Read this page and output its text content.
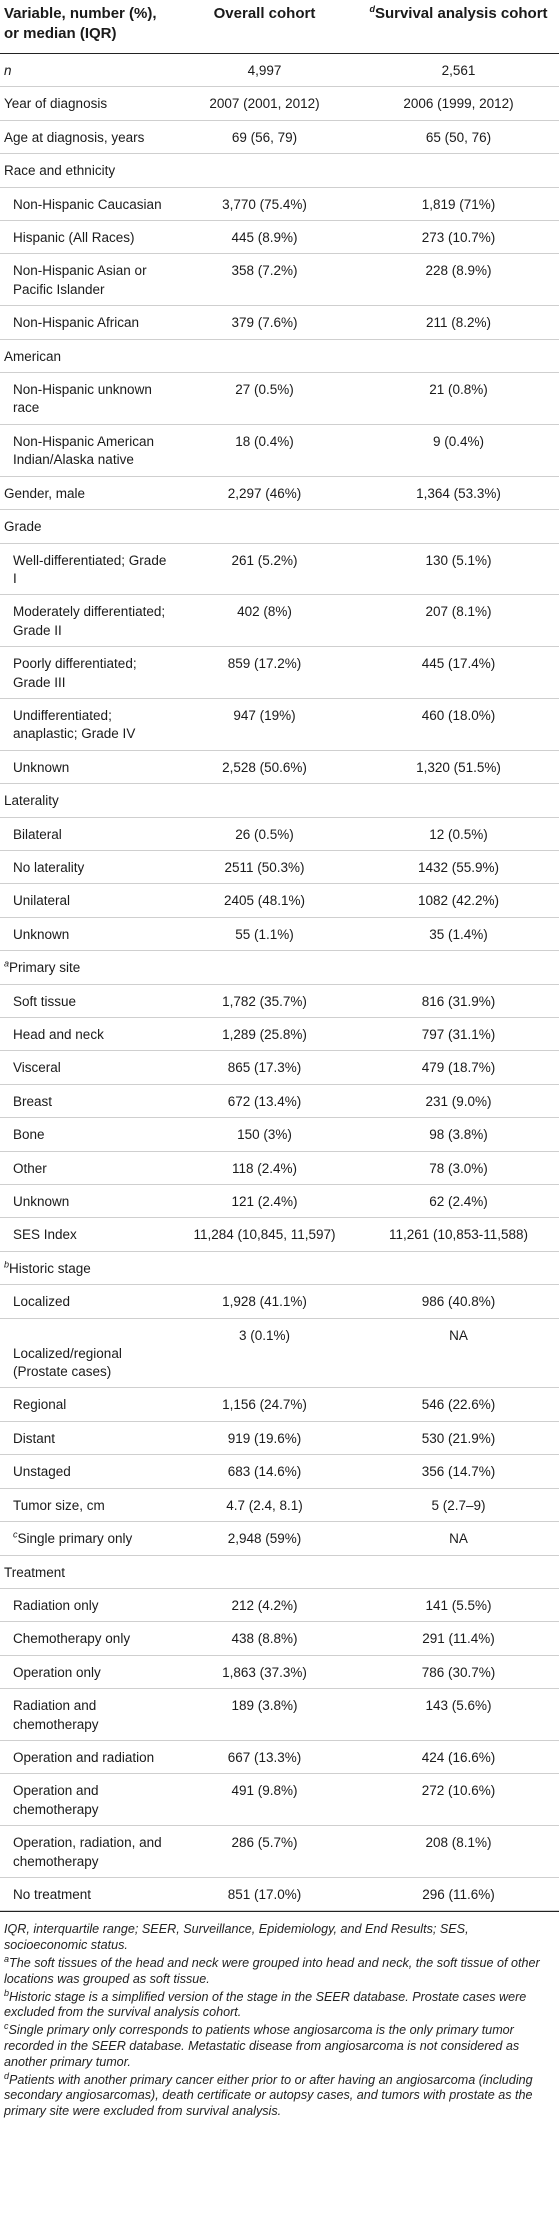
Variable, number (%), or median (IQR)	Overall cohort	$^d$Survival analysis cohort
n	4,997	2,561
Year of diagnosis	2007 (2001, 2012)	2006 (1999, 2012)
Age at diagnosis, years	69 (56, 79)	65 (50, 76)
Race and ethnicity		
Non-Hispanic Caucasian	3,770 (75.4%)	1,819 (71%)
Hispanic (All Races)	445 (8.9%)	273 (10.7%)
Non-Hispanic Asian or Pacific Islander	358 (7.2%)	228 (8.9%)
Non-Hispanic African	379 (7.6%)	211 (8.2%)
American		
Non-Hispanic unknown race	27 (0.5%)	21 (0.8%)
Non-Hispanic American Indian/Alaska native	18 (0.4%)	9 (0.4%)
Gender, male	2,297 (46%)	1,364 (53.3%)
Grade		
Well-differentiated; Grade I	261 (5.2%)	130 (5.1%)
Moderately differentiated; Grade II	402 (8%)	207 (8.1%)
Poorly differentiated; Grade III	859 (17.2%)	445 (17.4%)
Undifferentiated; anaplastic; Grade IV	947 (19%)	460 (18.0%)
Unknown	2,528 (50.6%)	1,320 (51.5%)
Laterality		
Bilateral	26 (0.5%)	12 (0.5%)
No laterality	2511 (50.3%)	1432 (55.9%)
Unilateral	2405 (48.1%)	1082 (42.2%)
Unknown	55 (1.1%)	35 (1.4%)
$^a$Primary site		
Soft tissue	1,782 (35.7%)	816 (31.9%)
Head and neck	1,289 (25.8%)	797 (31.1%)
Visceral	865 (17.3%)	479 (18.7%)
Breast	672 (13.4%)	231 (9.0%)
Bone	150 (3%)	98 (3.8%)
Other	118 (2.4%)	78 (3.0%)
Unknown	121 (2.4%)	62 (2.4%)
SES Index	11,284 (10,845, 11,597)	11,261 (10,853-11,588)
$^b$Historic stage		
Localized	1,928 (41.1%)	986 (40.8%)
Localized/regional (Prostate cases)	3 (0.1%)	NA
Regional	1,156 (24.7%)	546 (22.6%)
Distant	919 (19.6%)	530 (21.9%)
Unstaged	683 (14.6%)	356 (14.7%)
Tumor size, cm	4.7 (2.4, 8.1)	5 (2.7–9)
$^c$Single primary only	2,948 (59%)	NA
Treatment		
Radiation only	212 (4.2%)	141 (5.5%)
Chemotherapy only	438 (8.8%)	291 (11.4%)
Operation only	1,863 (37.3%)	786 (30.7%)
Radiation and chemotherapy	189 (3.8%)	143 (5.6%)
Operation and radiation	667 (13.3%)	424 (16.6%)
Operation and chemotherapy	491 (9.8%)	272 (10.6%)
Operation, radiation, and chemotherapy	286 (5.7%)	208 (8.1%)
No treatment	851 (17.0%)	296 (11.6%)

IQR, interquartile range; SEER, Surveillance, Epidemiology, and End Results; SES, socioeconomic status.

$^a$The soft tissues of the head and neck were grouped into head and neck, the soft tissue of other locations was grouped as soft tissue.

$^b$Historic stage is a simplified version of the stage in the SEER database. Prostate cases were excluded from the survival analysis cohort.

$^c$Single primary only corresponds to patients whose angiosarcoma is the only primary tumor recorded in the SEER database. Metastatic disease from angiosarcoma is not considered as another primary tumor.

$^d$Patients with another primary cancer either prior to or after having an angiosarcoma (including secondary angiosarcomas), death certificate or autopsy cases, and tumors with prostate as the primary site were excluded from survival analysis.
